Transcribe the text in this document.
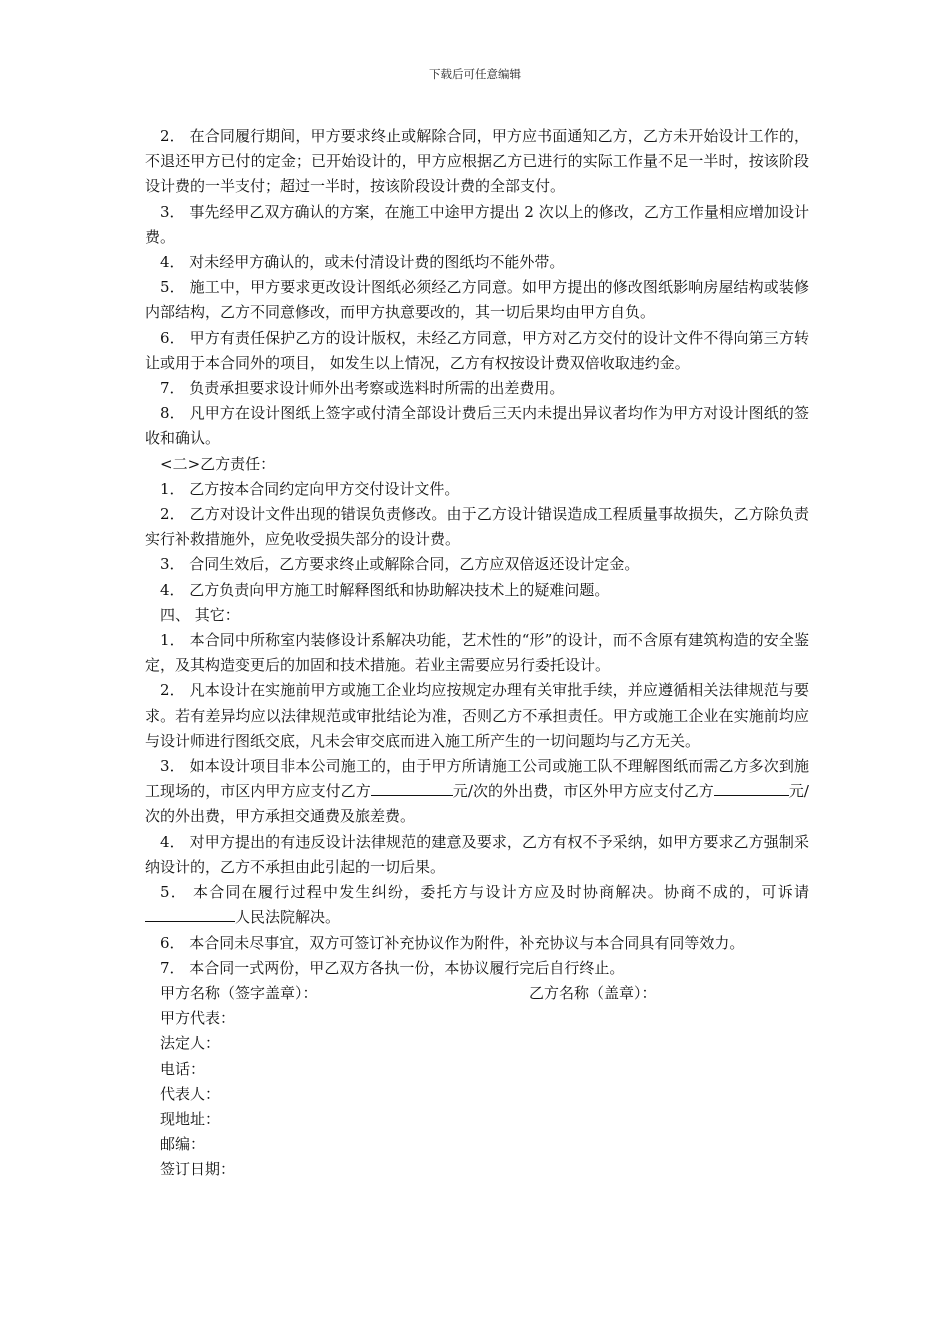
下载后可任意编辑

2． 在合同履行期间，甲方要求终止或解除合同，甲方应书面通知乙方，乙方未开始设计工作的，不退还甲方已付的定金；已开始设计的，甲方应根据乙方已进行的实际工作量不足一半时，按该阶段设计费的一半支付；超过一半时，按该阶段设计费的全部支付。

3． 事先经甲乙双方确认的方案，在施工中途甲方提出 2 次以上的修改，乙方工作量相应增加设计费。

4． 对未经甲方确认的，或未付清设计费的图纸均不能外带。

5． 施工中，甲方要求更改设计图纸必须经乙方同意。如甲方提出的修改图纸影响房屋结构或装修内部结构，乙方不同意修改，而甲方执意要改的，其一切后果均由甲方自负。

6． 甲方有责任保护乙方的设计版权，未经乙方同意，甲方对乙方交付的设计文件不得向第三方转让或用于本合同外的项目， 如发生以上情况，乙方有权按设计费双倍收取违约金。

7． 负责承担要求设计师外出考察或选料时所需的出差费用。

8． 凡甲方在设计图纸上签字或付清全部设计费后三天内未提出异议者均作为甲方对设计图纸的签收和确认。

<二>乙方责任：

1． 乙方按本合同约定向甲方交付设计文件。

2． 乙方对设计文件出现的错误负责修改。由于乙方设计错误造成工程质量事故损失，乙方除负责实行补救措施外，应免收受损失部分的设计费。

3． 合同生效后，乙方要求终止或解除合同，乙方应双倍返还设计定金。

4． 乙方负责向甲方施工时解释图纸和协助解决技术上的疑难问题。

四、 其它：

1． 本合同中所称室内装修设计系解决功能，艺术性的“形”的设计，而不含原有建筑构造的安全鉴定，及其构造变更后的加固和技术措施。若业主需要应另行委托设计。

2． 凡本设计在实施前甲方或施工企业均应按规定办理有关审批手续，并应遵循相关法律规范与要求。若有差异均应以法律规范或审批结论为准，否则乙方不承担责任。甲方或施工企业在实施前均应与设计师进行图纸交底，凡未会审交底而进入施工所产生的一切问题均与乙方无关。

3． 如本设计项目非本公司施工的，由于甲方所请施工公司或施工队不理解图纸而需乙方多次到施工现场的，市区内甲方应支付乙方	元/次的外出费，市区外甲方应支付乙方	元/次的外出费，甲方承担交通费及旅差费。

4． 对甲方提出的有违反设计法律规范的建意及要求，乙方有权不予采纳，如甲方要求乙方强制采纳设计的，乙方不承担由此引起的一切后果。

5． 本合同在履行过程中发生纠纷，委托方与设计方应及时协商解决。协商不成的，可诉请人民法院解决。

6． 本合同未尽事宜，双方可签订补充协议作为附件，补充协议与本合同具有同等效力。

7． 本合同一式两份，甲乙双方各执一份，本协议履行完后自行终止。

甲方名称（签字盖章）：	乙方名称（盖章）：

甲方代表：

法定人：

电话：

代表人：

现地址：

邮编：

签订日期：
